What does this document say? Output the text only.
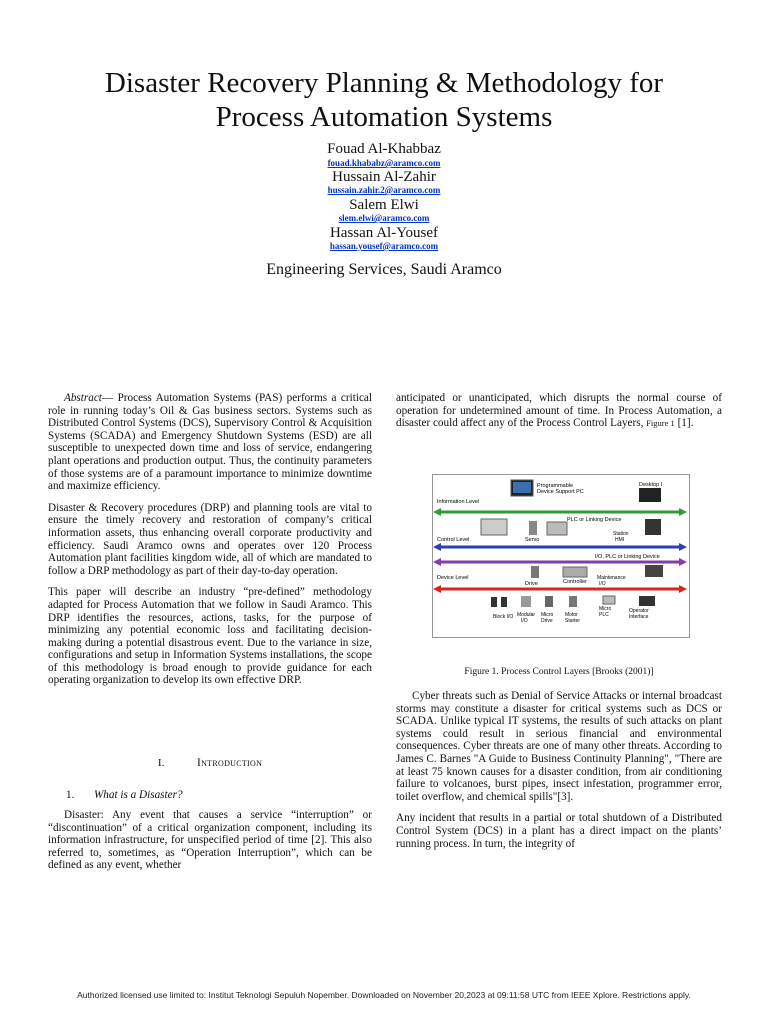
Disaster Recovery Planning & Methodology for
Process Automation Systems
Fouad Al-Khabbaz
fouad.khababz@aramco.com
Hussain Al-Zahir
hussain.zahir.2@aramco.com
Salem Elwi
slem.elwi@aramco.com
Hassan Al-Yousef
hassan.yousef@aramco.com
Engineering Services, Saudi Aramco

Abstract— Process Automation Systems (PAS) performs a critical role in running today’s Oil & Gas business sectors. Systems such as Distributed Control Systems (DCS), Supervisory Control & Acquisition Systems (SCADA) and Emergency Shutdown Systems (ESD) are all susceptible to unexpected down time and loss of service, endangering plant operations and production output. Thus, the continuity parameters of those systems are of a paramount importance to minimize downtime and maximize efficiency.

Disaster & Recovery procedures (DRP) and planning tools are vital to ensure the timely recovery and restoration of company’s critical information assets, thus enhancing overall corporate productivity and efficiency. Saudi Aramco owns and operates over 120 Process Automation plant facilities kingdom wide, all of which are mandated to follow a DRP methodology as part of their day-to-day operation.

This paper will describe an industry “pre-defined” methodology adapted for Process Automation that we follow in Saudi Aramco. This DRP identifies the resources, actions, tasks, for the purpose of minimizing any potential economic loss and facilitating decision-making during a potential disastrous event. Due to the variance in size, configurations and setup in Information Systems installations, the scope of this methodology is broad enough to provide guidance for each operating organization to develop its own effective DRP.

I.	Introduction
1. What is a Disaster?

Disaster: Any event that causes a service “interruption” or “discontinuation” of a critical organization component, including its information infrastructure, for unspecified period of time [2]. This also referred to, sometimes, as “Operation Interruption”, which can be defined as any event, whether

anticipated or unanticipated, which disrupts the normal course of operation for undetermined amount of time. In Process Automation, a disaster could affect any of the Process Control Layers, Figure 1 [1].

Programmable
Device Support PC
Desktop I
Information Level
PLC or Linking Device
Control Level	Servo
Station
HMI
I/O, PLC or Linking Device
Device Level
Drive	Controller
Maintenance
I/O
Block I/O Modular
I/O
Micro
Drive
Motor
Starter
Micro
PLC
Operator
Interface
Figure 1. Process Control Layers [Brooks (2001)]

Cyber threats such as Denial of Service Attacks or internal broadcast storms may constitute a disaster for critical systems such as DCS or SCADA. Unlike typical IT systems, the results of such attacks on plant systems could result in serious financial and environmental consequences. Cyber threats are one of many other threats. According to James C. Barnes "A Guide to Business Continuity Planning", "There are at least 75 known causes for a disaster condition, from air conditioning failure to volcanoes, burst pipes, insect infestation, programmer error, toilet overflow, and chemical spills"[3].

Any incident that results in a partial or total shutdown of a Distributed Control System (DCS) in a plant has a direct impact on the plants’ running process. In turn, the integrity of

Authorized licensed use limited to: Institut Teknologi Sepuluh Nopember. Downloaded on November 20,2023 at 09:11:58 UTC from IEEE Xplore. Restrictions apply.
